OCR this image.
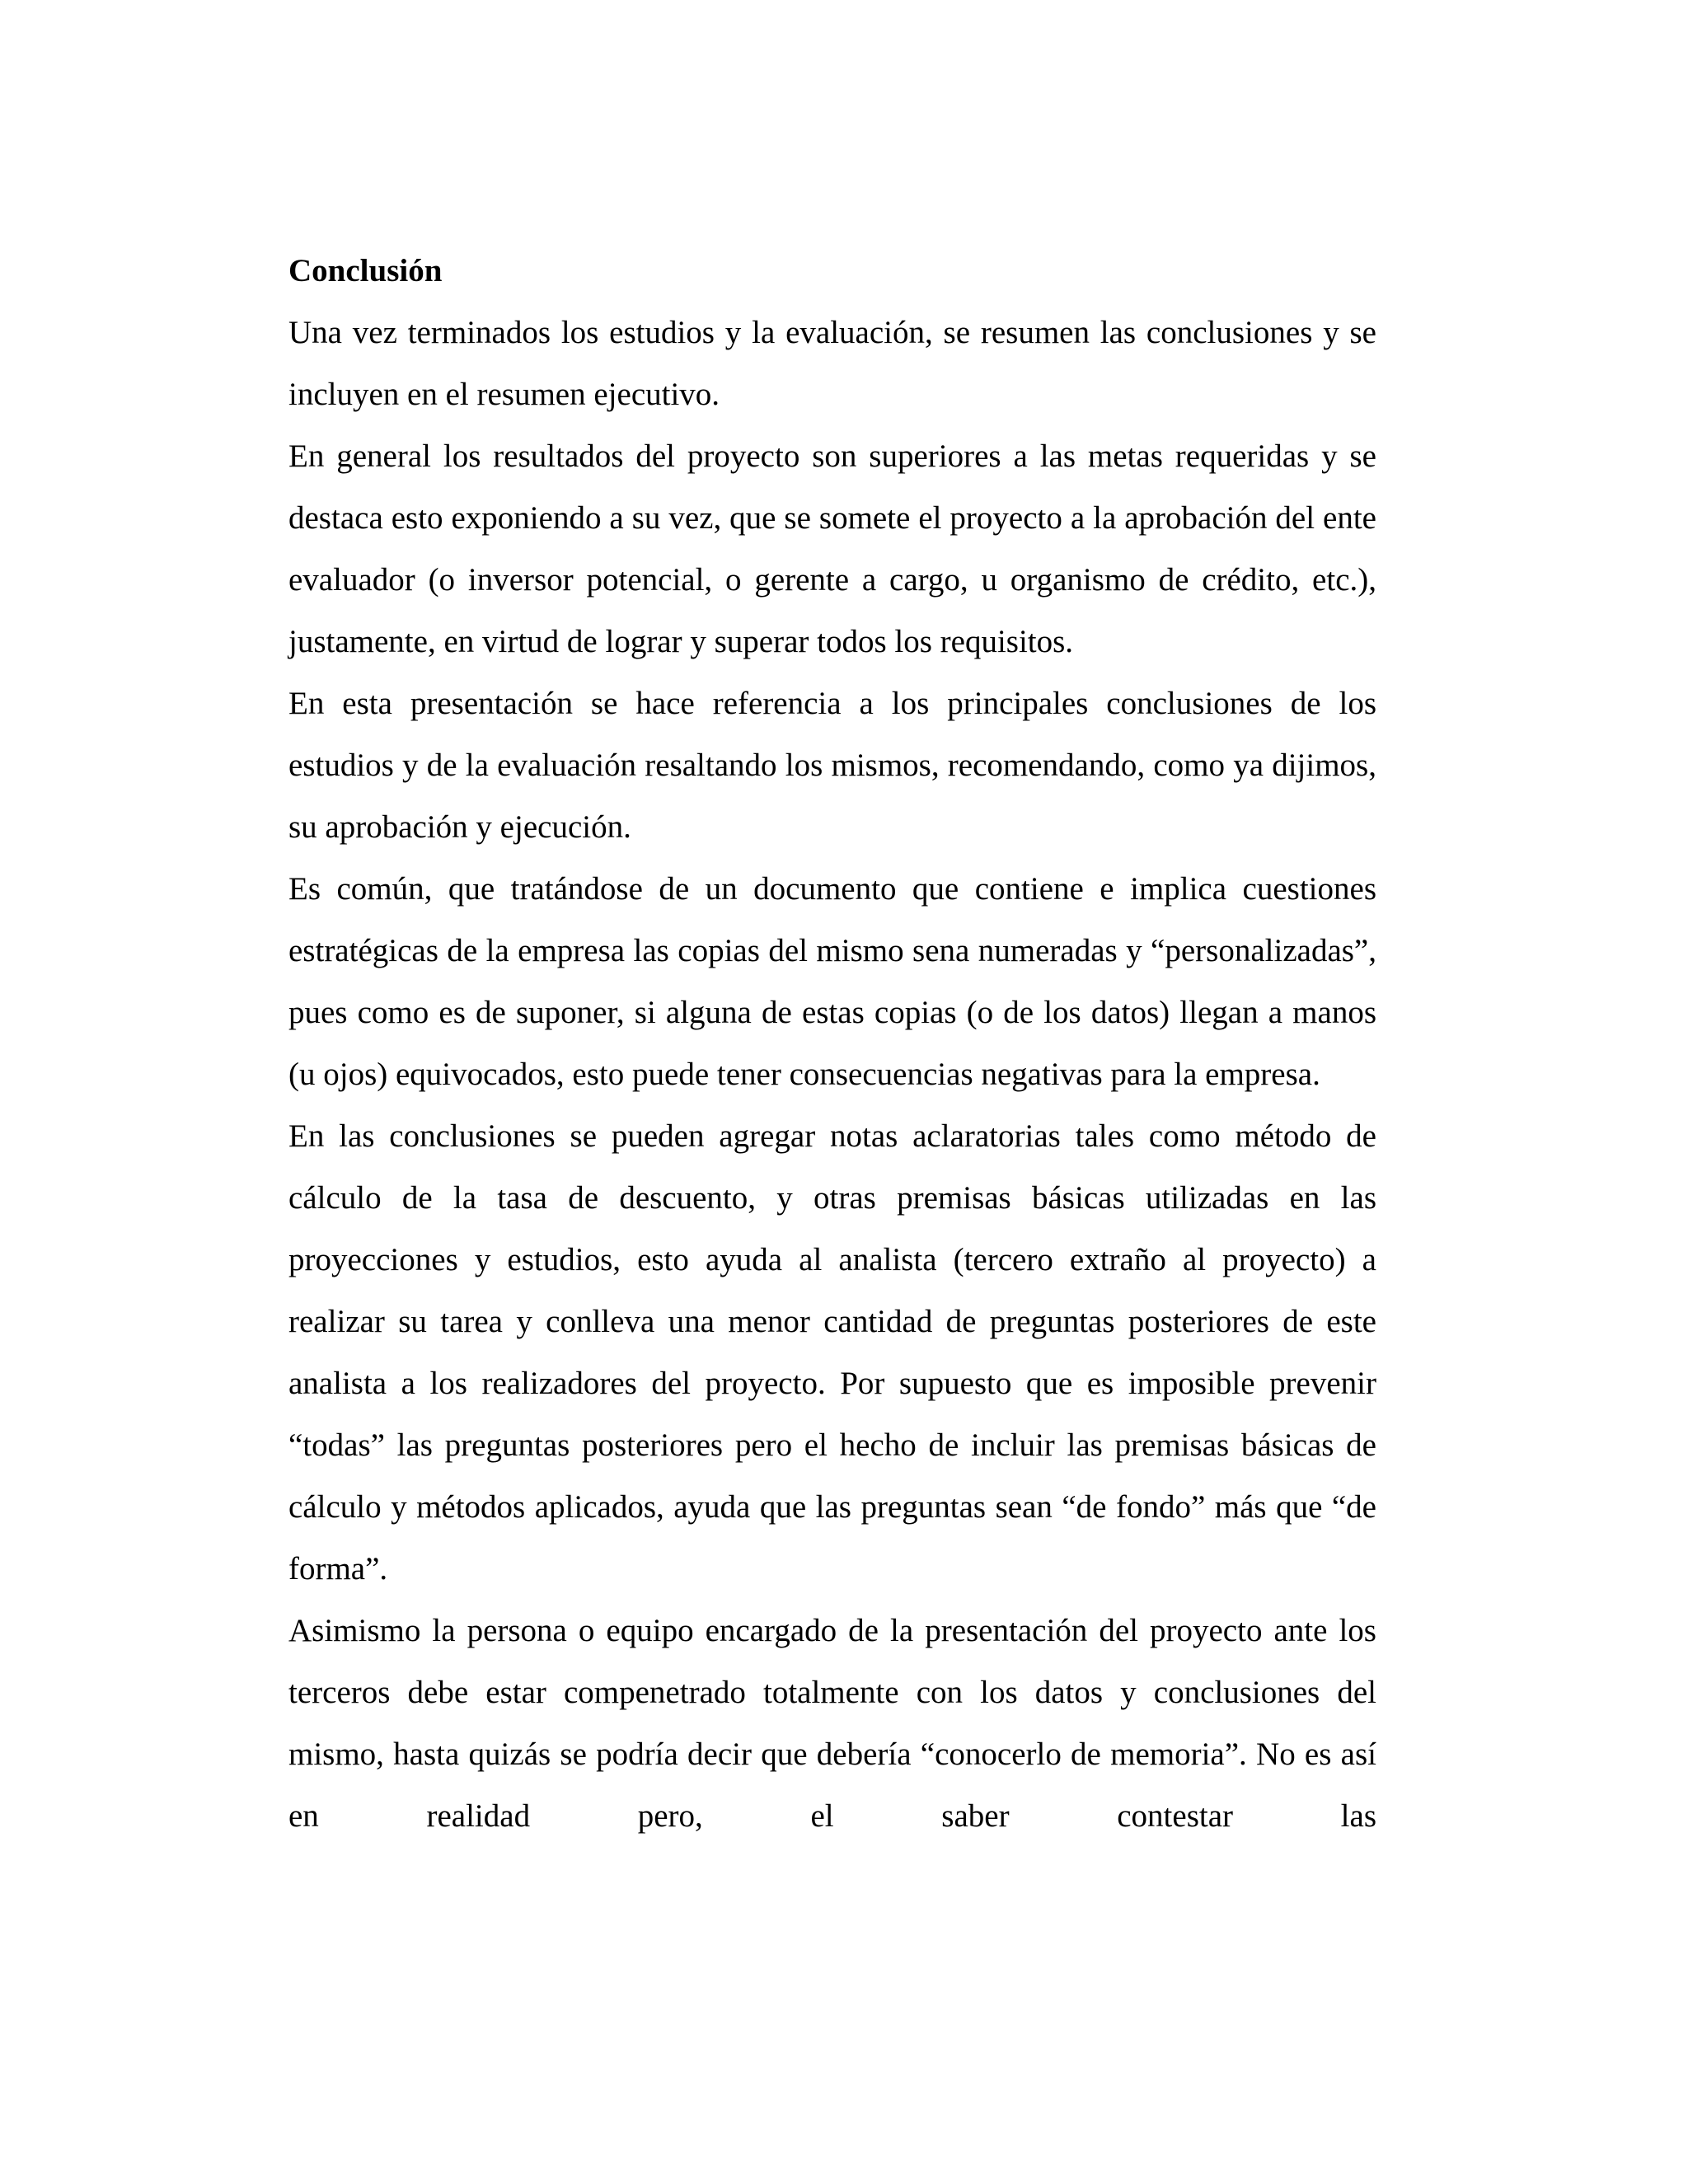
Conclusión

Una vez terminados los estudios y la evaluación, se resumen las conclusiones y se incluyen en el resumen ejecutivo.

En general los resultados del proyecto son superiores a las metas requeridas y se destaca esto exponiendo a su vez, que se somete el proyecto a la aprobación del ente evaluador (o inversor potencial, o gerente a cargo, u organismo de crédito, etc.), justamente, en virtud de lograr y superar todos los requisitos.

En esta presentación se hace referencia a los principales conclusiones de los estudios y de la evaluación resaltando los mismos, recomendando, como ya dijimos, su aprobación y ejecución.

Es común, que tratándose de un documento que contiene e implica cuestiones estratégicas de la empresa las copias del mismo sena numeradas y “personalizadas”, pues como es de suponer, si alguna de estas copias (o de los datos) llegan a manos (u ojos) equivocados, esto puede tener consecuencias negativas para la empresa.

En las conclusiones se pueden agregar notas aclaratorias tales como método de cálculo de la tasa de descuento, y otras premisas básicas utilizadas en las proyecciones y estudios, esto ayuda al analista (tercero extraño al proyecto) a realizar su tarea y conlleva una menor cantidad de preguntas posteriores de este analista a los realizadores del proyecto. Por supuesto que es imposible prevenir “todas” las preguntas posteriores pero el hecho de incluir las premisas básicas de cálculo y métodos aplicados, ayuda que las preguntas sean “de fondo” más que “de forma”.

Asimismo la persona o equipo encargado de la presentación del proyecto ante los terceros debe estar compenetrado totalmente con los datos y conclusiones del mismo, hasta quizás se podría decir que debería “conocerlo de memoria”. No es así en realidad pero, el saber contestar las
